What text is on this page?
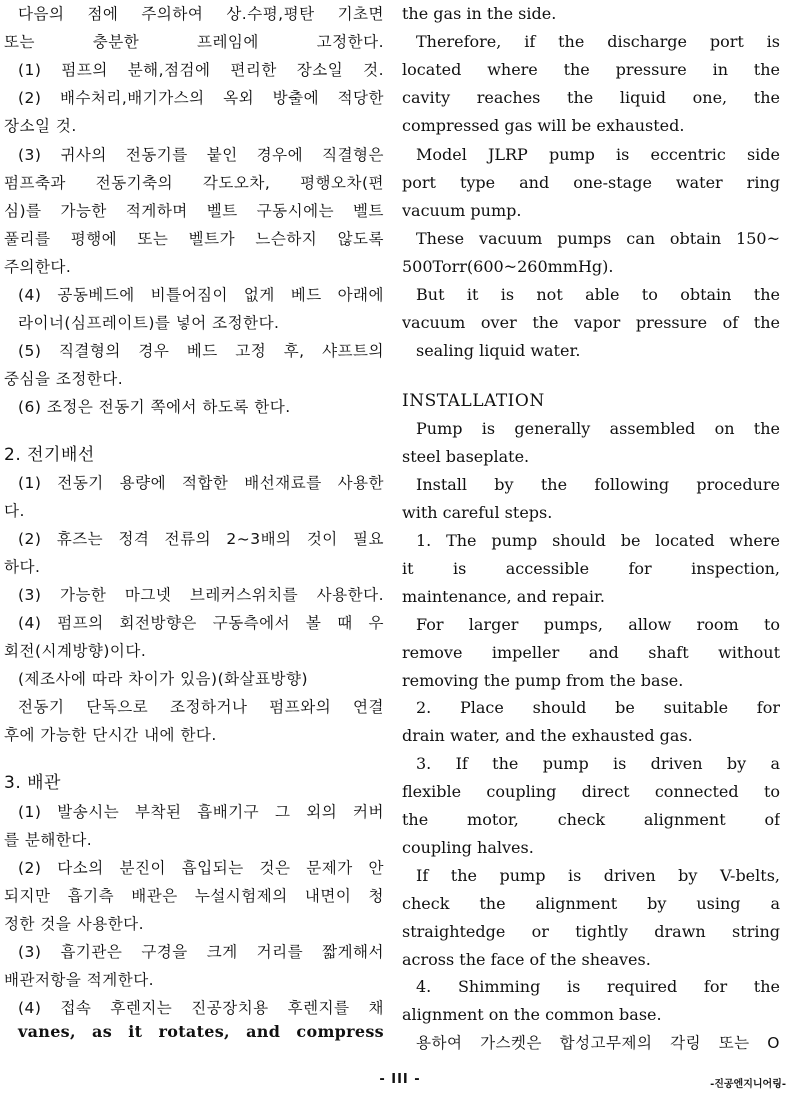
다음의 점에 주의하여 상.수평,평탄 기초면
또는 충분한 프레임에 고정한다.
(1) 펌프의 분해,점검에 편리한 장소일 것.
(2) 배수처리,배기가스의 옥외 방출에 적당한
장소일 것.
(3) 귀사의 전동기를 붙인 경우에 직결형은
펌프축과 전동기축의 각도오차, 평행오차(편
심)를 가능한 적게하며 벨트 구동시에는 벨트
풀리를 평행에 또는 벨트가 느슨하지 않도록
주의한다.
(4) 공동베드에 비틀어짐이 없게 베드 아래에
라이너(심프레이트)를 넣어 조정한다.
(5) 직결형의 경우 베드 고정 후, 샤프트의
중심을 조정한다.
(6) 조정은 전동기 쪽에서 하도록 한다.
2. 전기배선
(1) 전동기 용량에 적합한 배선재료를 사용한
다.
(2) 휴즈는 정격 전류의 2~3배의 것이 필요
하다.
(3) 가능한 마그넷 브레커스위치를 사용한다.
(4) 펌프의 회전방향은 구동측에서 볼 때 우
회전(시계방향)이다.
(제조사에 따라 차이가 있음)(화살표방향)
전동기 단독으로 조정하거나 펌프와의 연결
후에 가능한 단시간 내에 한다.
3. 배관
(1) 발송시는 부착된 흡배기구 그 외의 커버
를 분해한다.
(2) 다소의 분진이 흡입되는 것은 문제가 안
되지만 흡기측 배관은 누설시험제의 내면이 청
정한 것을 사용한다.
(3) 흡기관은 구경을 크게 거리를 짧게해서
배관저항을 적게한다.
(4) 접속 후렌지는 진공장치용 후렌지를 채
vanes, as it rotates, and compress
the gas in the side.
Therefore, if the discharge port is
located where the pressure in the
cavity reaches the liquid one, the
compressed gas will be exhausted.
Model JLRP pump is eccentric side
port type and one-stage water ring
vacuum pump.
These vacuum pumps can obtain 150~
500Torr(600~260mmHg).
But it is not able to obtain the
vacuum over the vapor pressure of the
sealing liquid water.
INSTALLATION
Pump is generally assembled on the
steel baseplate.
Install by the following procedure
with careful steps.
1. The pump should be located where
it is accessible for inspection,
maintenance, and repair.
For larger pumps, allow room to
remove impeller and shaft without
removing the pump from the base.
2. Place should be suitable for
drain water, and the exhausted gas.
3. If the pump is driven by a
flexible coupling direct connected to
the motor, check alignment of
coupling halves.
If the pump is driven by V-belts,
check the alignment by using a
straightedge or tightly drawn string
across the face of the sheaves.
4. Shimming is required for the
alignment on the common base.
용하여 가스켓은 합성고무제의 각링 또는 O
- III -	-진공엔지니어링-
